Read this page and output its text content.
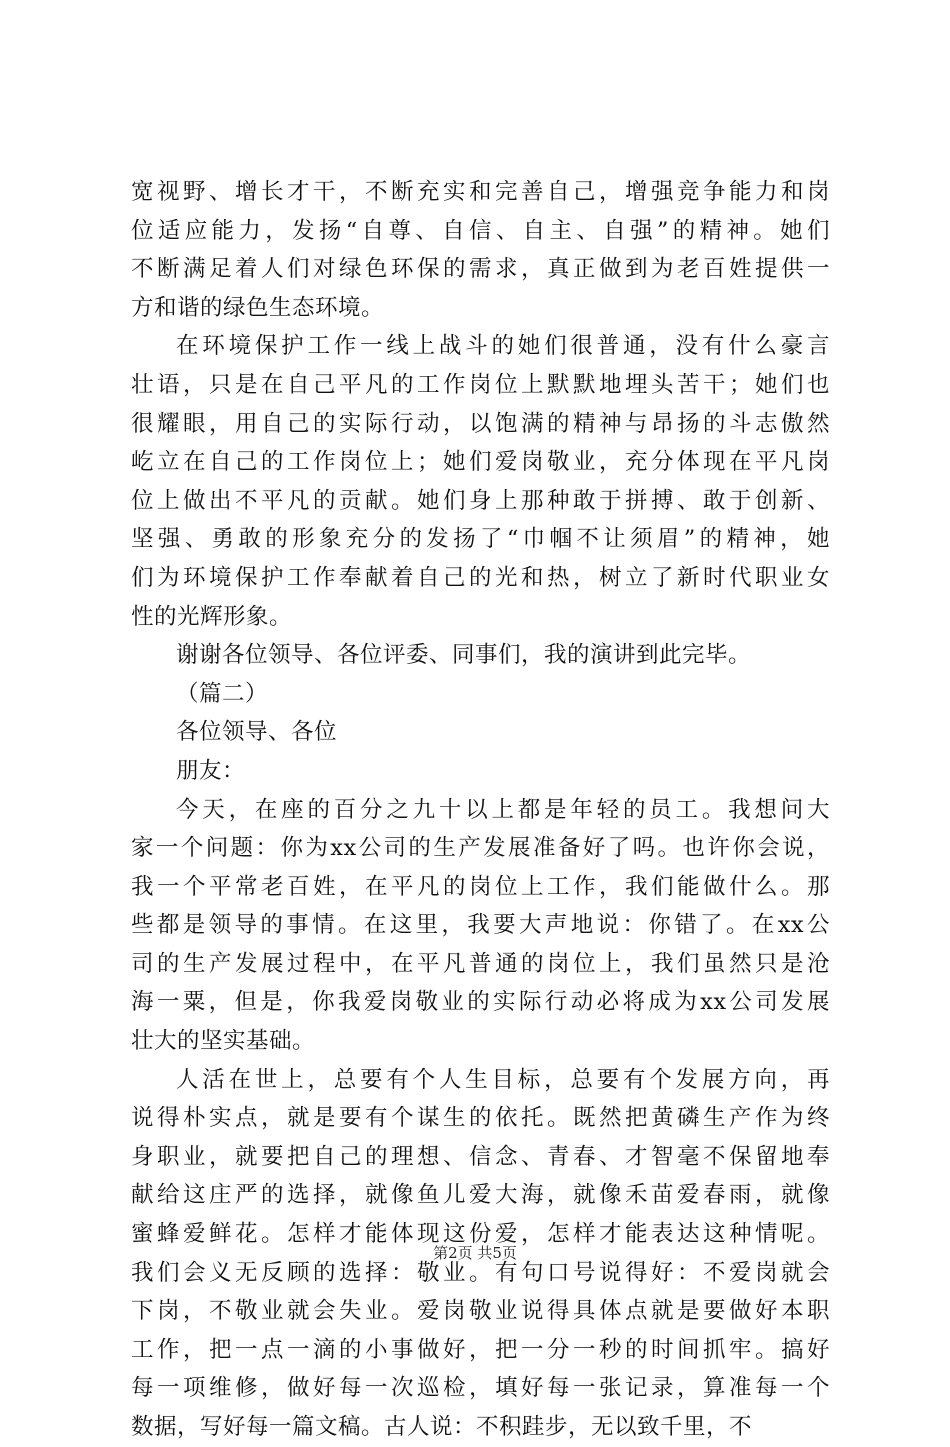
宽视野、增长才干，不断充实和完善自己，增强竞争能力和岗
位适应能力，发扬“自尊、自信、自主、自强”的精神。她们
不断满足着人们对绿色环保的需求，真正做到为老百姓提供一
方和谐的绿色生态环境。
在环境保护工作一线上战斗的她们很普通，没有什么豪言
壮语，只是在自己平凡的工作岗位上默默地埋头苦干；她们也
很耀眼，用自己的实际行动，以饱满的精神与昂扬的斗志傲然
屹立在自己的工作岗位上；她们爱岗敬业，充分体现在平凡岗
位上做出不平凡的贡献。她们身上那种敢于拼搏、敢于创新、
坚强、勇敢的形象充分的发扬了“巾帼不让须眉”的精神，她
们为环境保护工作奉献着自己的光和热，树立了新时代职业女
性的光辉形象。
谢谢各位领导、各位评委、同事们，我的演讲到此完毕。
（篇二）
各位领导、各位
朋友：
今天，在座的百分之九十以上都是年轻的员工。我想问大
家一个问题：你为xx公司的生产发展准备好了吗。也许你会说，
我一个平常老百姓，在平凡的岗位上工作，我们能做什么。那
些都是领导的事情。在这里，我要大声地说：你错了。在xx公
司的生产发展过程中，在平凡普通的岗位上，我们虽然只是沧
海一粟，但是，你我爱岗敬业的实际行动必将成为xx公司发展
壮大的坚实基础。
人活在世上，总要有个人生目标，总要有个发展方向，再
说得朴实点，就是要有个谋生的依托。既然把黄磷生产作为终
身职业，就要把自己的理想、信念、青春、才智毫不保留地奉
献给这庄严的选择，就像鱼儿爱大海，就像禾苗爱春雨，就像
蜜蜂爱鲜花。怎样才能体现这份爱，怎样才能表达这种情呢。
我们会义无反顾的选择：敬业。有句口号说得好：不爱岗就会
下岗，不敬业就会失业。爱岗敬业说得具体点就是要做好本职
工作，把一点一滴的小事做好，把一分一秒的时间抓牢。搞好
每一项维修，做好每一次巡检，填好每一张记录，算准每一个
数据，写好每一篇文稿。古人说：不积跬步，无以致千里，不
第2页 共5页
